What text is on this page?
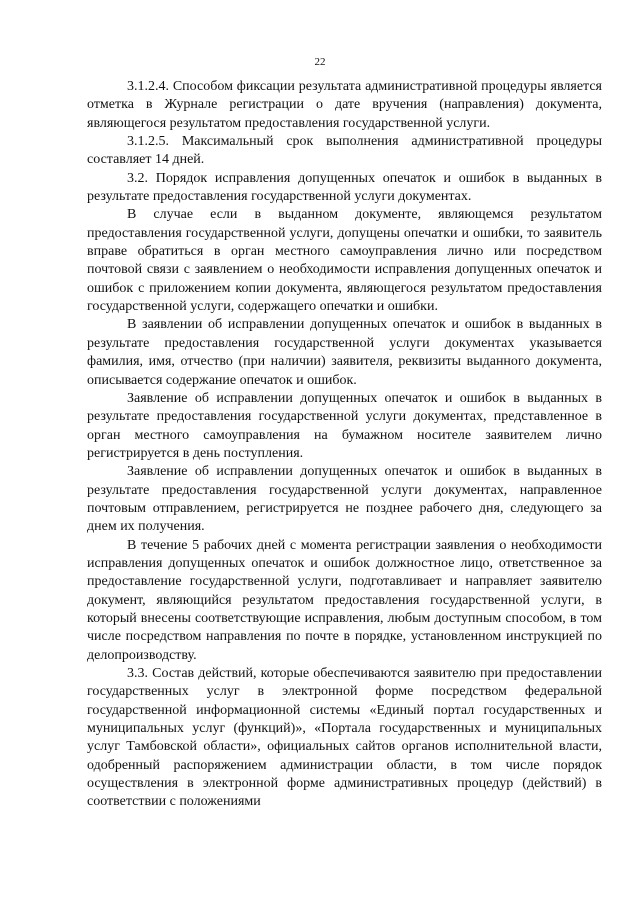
22

3.1.2.4. Способом фиксации результата административной процедуры является отметка в Журнале регистрации о дате вручения (направления) документа, являющегося результатом предоставления государственной услуги.

3.1.2.5. Максимальный срок выполнения административной процедуры составляет 14 дней.

3.2. Порядок исправления допущенных опечаток и ошибок в выданных в результате предоставления государственной услуги документах.

В случае если в выданном документе, являющемся результатом предоставления государственной услуги, допущены опечатки и ошибки, то заявитель вправе обратиться в орган местного самоуправления лично или посредством почтовой связи с заявлением о необходимости исправления допущенных опечаток и ошибок с приложением копии документа, являющегося результатом предоставления государственной услуги, содержащего опечатки и ошибки.

В заявлении об исправлении допущенных опечаток и ошибок в выданных в результате предоставления государственной услуги документах указывается фамилия, имя, отчество (при наличии) заявителя, реквизиты выданного документа, описывается содержание опечаток и ошибок.

Заявление об исправлении допущенных опечаток и ошибок в выданных в результате предоставления государственной услуги документах, представленное в орган местного самоуправления на бумажном носителе заявителем лично регистрируется в день поступления.

Заявление об исправлении допущенных опечаток и ошибок в выданных в результате предоставления государственной услуги документах, направленное почтовым отправлением, регистрируется не позднее рабочего дня, следующего за днем их получения.

В течение 5 рабочих дней с момента регистрации заявления о необходимости исправления допущенных опечаток и ошибок должностное лицо, ответственное за предоставление государственной услуги, подготавливает и направляет заявителю документ, являющийся результатом предоставления государственной услуги, в который внесены соответствующие исправления, любым доступным способом, в том числе посредством направления по почте в порядке, установленном инструкцией по делопроизводству.

3.3. Состав действий, которые обеспечиваются заявителю при предоставлении государственных услуг в электронной форме посредством федеральной государственной информационной системы «Единый портал государственных и муниципальных услуг (функций)», «Портала государственных и муниципальных услуг Тамбовской области», официальных сайтов органов исполнительной власти, одобренный распоряжением администрации области, в том числе порядок осуществления в электронной форме административных процедур (действий) в соответствии с положениями
